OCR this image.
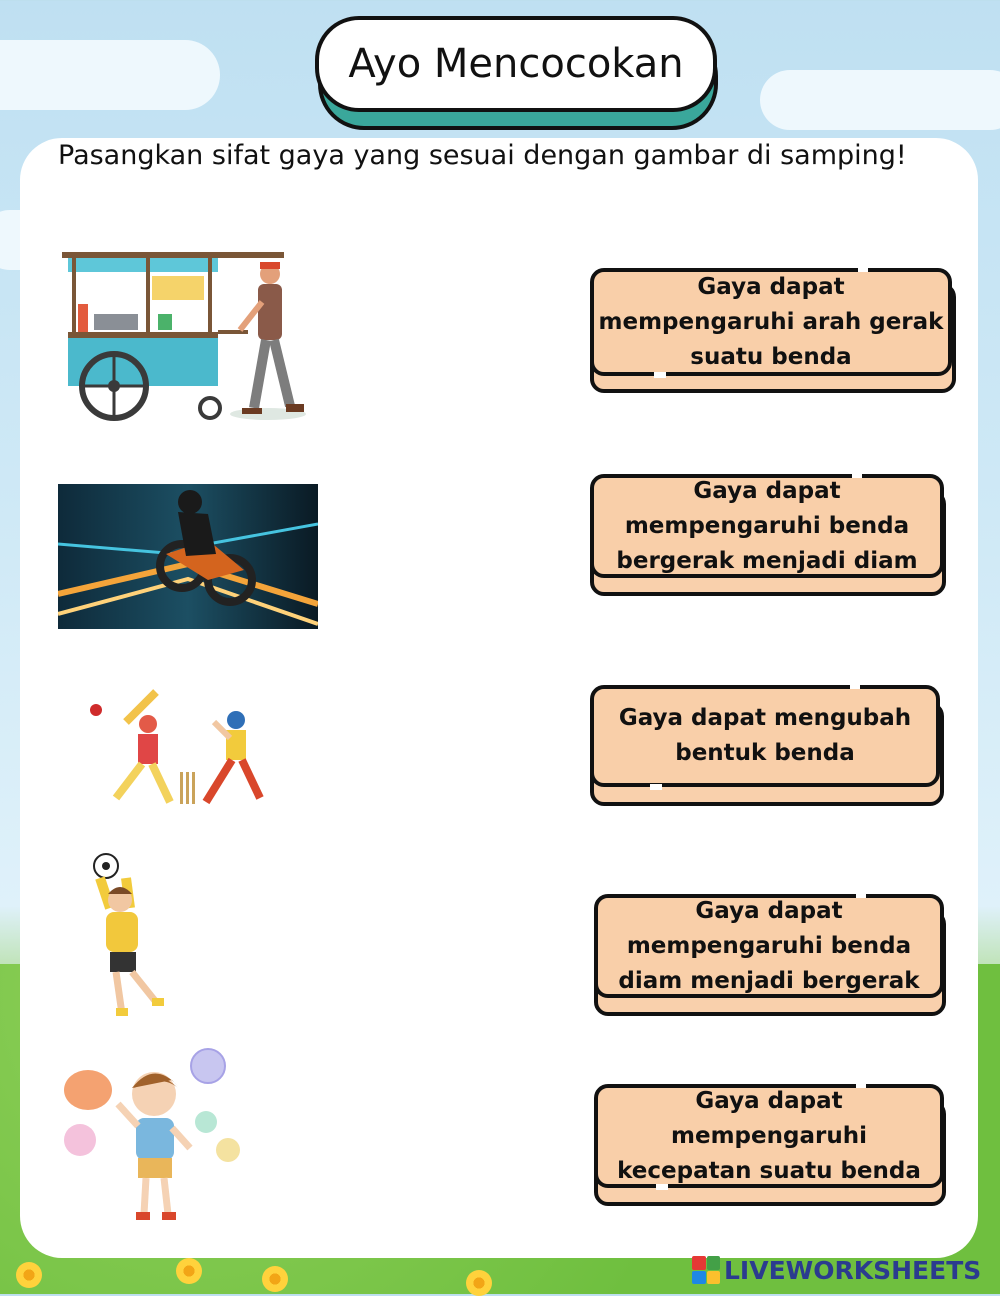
Ayo Mencocokan
Pasangkan sifat gaya yang sesuai dengan gambar di samping!
Gaya dapat mempengaruhi arah gerak suatu benda
Gaya dapat mempengaruhi benda bergerak menjadi diam
Gaya dapat mengubah bentuk benda
Gaya dapat mempengaruhi benda diam menjadi bergerak
Gaya dapat mempengaruhi kecepatan suatu benda
LIVEWORKSHEETS
